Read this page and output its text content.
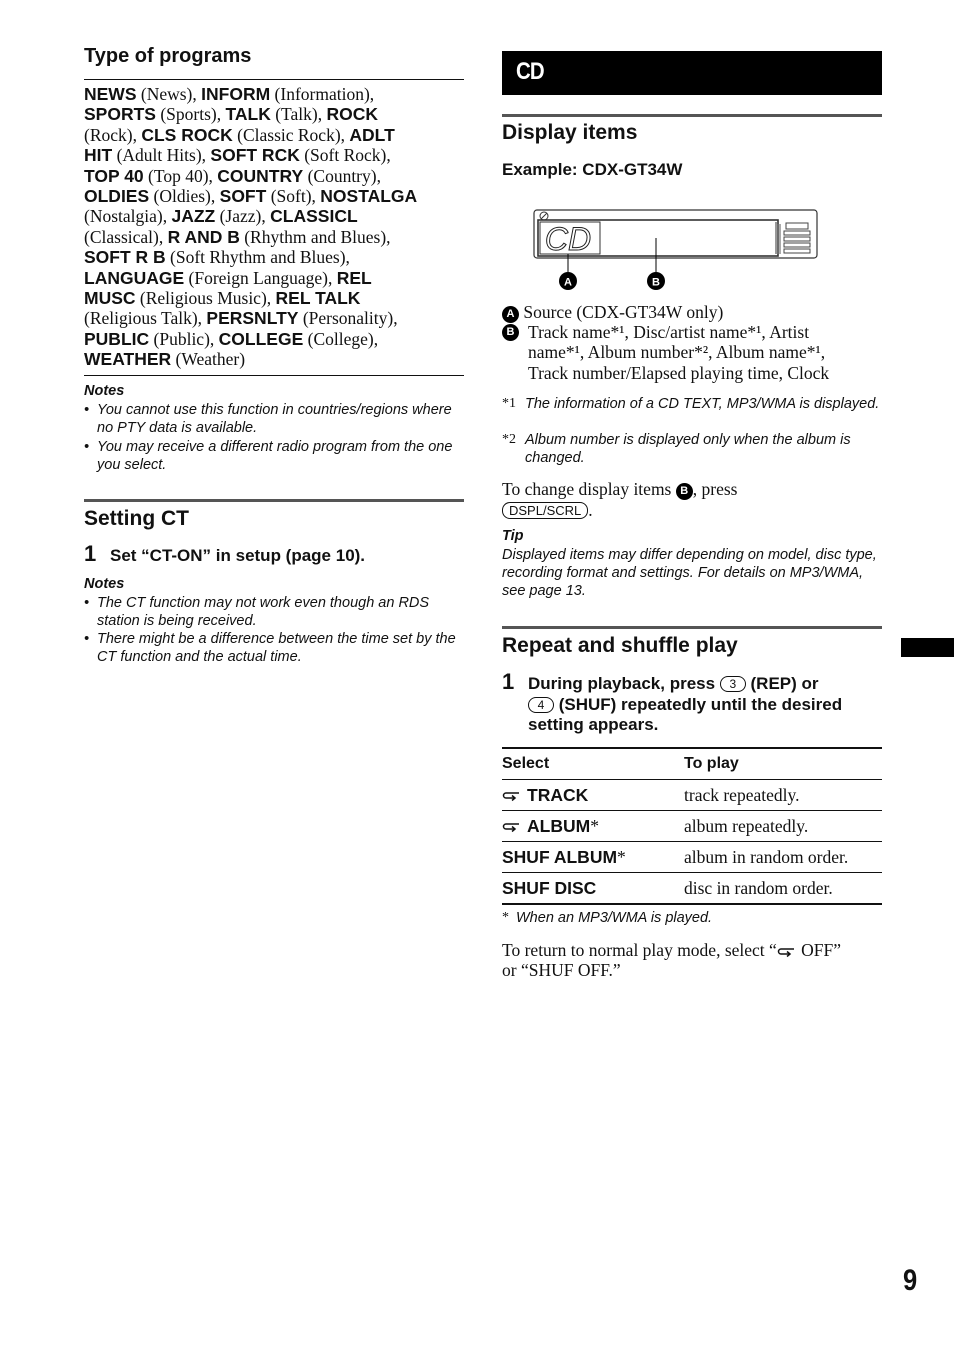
Type of programs
NEWS (News), INFORM (Information),
SPORTS (Sports), TALK (Talk), ROCK
(Rock), CLS ROCK (Classic Rock), ADLT
HIT (Adult Hits), SOFT RCK (Soft Rock),
TOP 40 (Top 40), COUNTRY (Country),
OLDIES (Oldies), SOFT (Soft), NOSTALGA
(Nostalgia), JAZZ (Jazz), CLASSICL
(Classical), R AND B (Rhythm and Blues),
SOFT R B (Soft Rhythm and Blues),
LANGUAGE (Foreign Language), REL
MUSC (Religious Music), REL TALK
(Religious Talk), PERSNLTY (Personality),
PUBLIC (Public), COLLEGE (College),
WEATHER (Weather)
Notes
• You cannot use this function in countries/regions where no PTY data is available.
• You may receive a different radio program from the one you select.
Setting CT
1 Set “CT-ON” in setup (page 10).
Notes
• The CT function may not work even though an RDS station is being received.
• There might be a difference between the time set by the CT function and the actual time.
CD
Display items
Example: CDX-GT34W
CD
A	B
A Source (CDX-GT34W only)
B Track name*¹, Disc/artist name*¹, Artist
name*¹, Album number*², Album name*¹,
Track number/Elapsed playing time, Clock
*1 The information of a CD TEXT, MP3/WMA is displayed.
*2 Album number is displayed only when the album is changed.
To change display items B , press
DSPL/SCRL .
Tip
Displayed items may differ depending on model, disc type, recording format and settings. For details on MP3/WMA, see page 13.
Repeat and shuffle play
1 During playback, press 3 (REP) or
4 (SHUF) repeatedly until the desired setting appears.
Select	To play
TRACK	track repeatedly.
ALBUM*	album repeatedly.
SHUF ALBUM*	album in random order.
SHUF DISC	disc in random order.
* When an MP3/WMA is played.
To return to normal play mode, select “ OFF”
or “SHUF OFF.”
9
